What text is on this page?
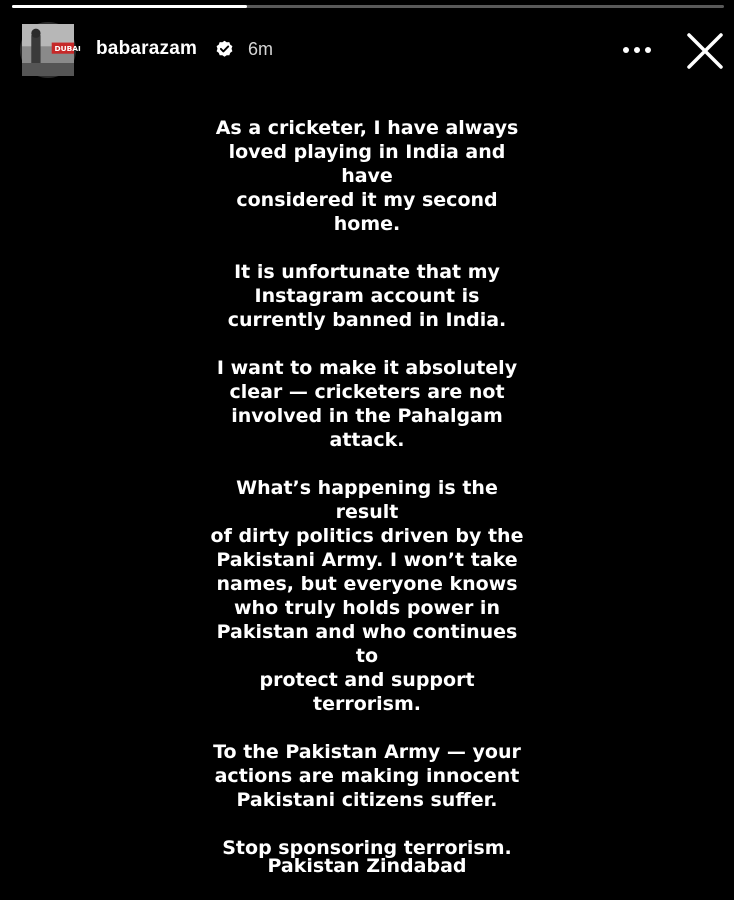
DUBAI babarazam	6m
As a cricketer, I have always
loved playing in India and have
considered it my second
home.
It is unfortunate that my
Instagram account is
currently banned in India.
I want to make it absolutely
clear — cricketers are not
involved in the Pahalgam
attack.
What’s happening is the result
of dirty politics driven by the
Pakistani Army. I won’t take
names, but everyone knows
who truly holds power in
Pakistan and who continues to
protect and support
terrorism.
To the Pakistan Army — your
actions are making innocent
Pakistani citizens suffer.
Stop sponsoring terrorism.
Pakistan Zindabad
